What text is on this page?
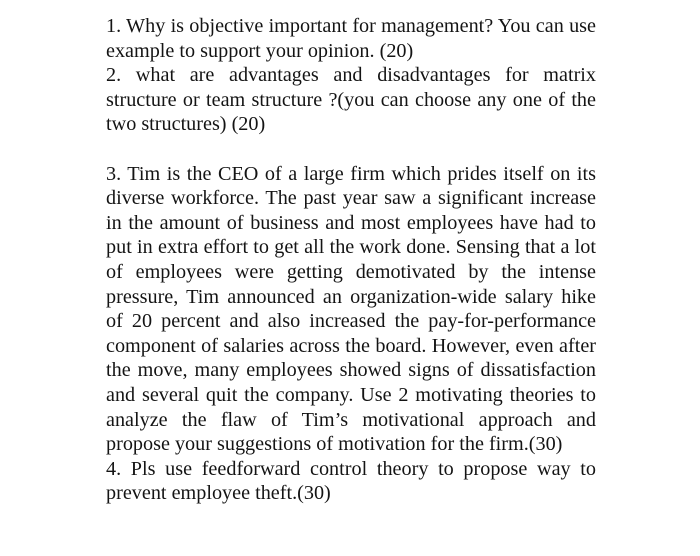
1. Why is objective important for management? You can use example to support your opinion. (20)

2. what are advantages and disadvantages for matrix structure or team structure ?(you can choose any one of the two structures) (20)

3. Tim is the CEO of a large firm which prides itself on its diverse workforce. The past year saw a significant increase in the amount of business and most employees have had to put in extra effort to get all the work done. Sensing that a lot of employees were getting demotivated by the intense pressure, Tim announced an organization-wide salary hike of 20 percent and also increased the pay-for-performance component of salaries across the board. However, even after the move, many employees showed signs of dissatisfaction and several quit the company. Use 2 motivating theories to analyze the flaw of Tim’s motivational approach and propose your suggestions of motivation for the firm.(30)

4. Pls use feedforward control theory to propose way to prevent employee theft.(30)
